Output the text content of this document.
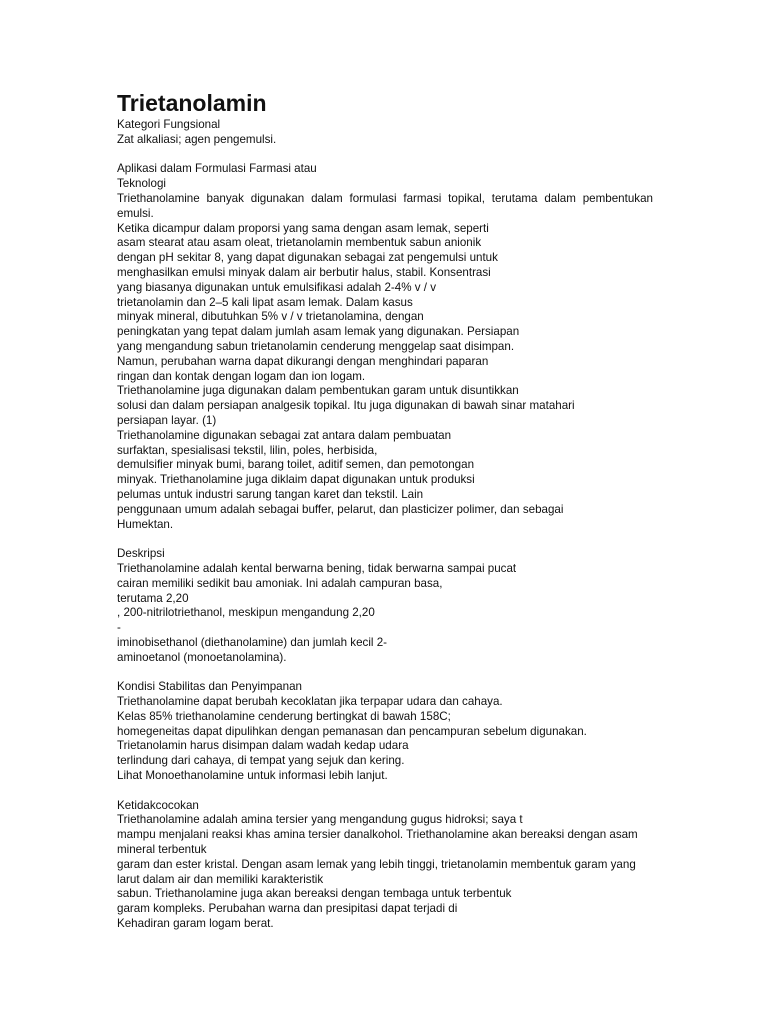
Trietanolamin
Kategori Fungsional
Zat alkaliasi; agen pengemulsi.
Aplikasi dalam Formulasi Farmasi atau
Teknologi
Triethanolamine banyak digunakan dalam formulasi farmasi topikal, terutama dalam pembentukan
emulsi.
Ketika dicampur dalam proporsi yang sama dengan asam lemak, seperti
asam stearat atau asam oleat, trietanolamin membentuk sabun anionik
dengan pH sekitar 8, yang dapat digunakan sebagai zat pengemulsi untuk
menghasilkan emulsi minyak dalam air berbutir halus, stabil. Konsentrasi
yang biasanya digunakan untuk emulsifikasi adalah 2-4% v / v
trietanolamin dan 2–5 kali lipat asam lemak. Dalam kasus
minyak mineral, dibutuhkan 5% v / v trietanolamina, dengan
peningkatan yang tepat dalam jumlah asam lemak yang digunakan. Persiapan
yang mengandung sabun trietanolamin cenderung menggelap saat disimpan.
Namun, perubahan warna dapat dikurangi dengan menghindari paparan
ringan dan kontak dengan logam dan ion logam.
Triethanolamine juga digunakan dalam pembentukan garam untuk disuntikkan
solusi dan dalam persiapan analgesik topikal. Itu juga digunakan di bawah sinar matahari
persiapan layar. (1)
Triethanolamine digunakan sebagai zat antara dalam pembuatan
surfaktan, spesialisasi tekstil, lilin, poles, herbisida,
demulsifier minyak bumi, barang toilet, aditif semen, dan pemotongan
minyak. Triethanolamine juga diklaim dapat digunakan untuk produksi
pelumas untuk industri sarung tangan karet dan tekstil. Lain
penggunaan umum adalah sebagai buffer, pelarut, dan plasticizer polimer, dan sebagai
Humektan.
Deskripsi
Triethanolamine adalah kental berwarna bening, tidak berwarna sampai pucat
cairan memiliki sedikit bau amoniak. Ini adalah campuran basa,
terutama 2,20
, 200-nitrilotriethanol, meskipun mengandung 2,20
-
iminobisethanol (diethanolamine) dan jumlah kecil 2-
aminoetanol (monoetanolamina).
Kondisi Stabilitas dan Penyimpanan
Triethanolamine dapat berubah kecoklatan jika terpapar udara dan cahaya.
Kelas 85% triethanolamine cenderung bertingkat di bawah 158C;
homegeneitas dapat dipulihkan dengan pemanasan dan pencampuran sebelum digunakan.
Trietanolamin harus disimpan dalam wadah kedap udara
terlindung dari cahaya, di tempat yang sejuk dan kering.
Lihat Monoethanolamine untuk informasi lebih lanjut.
Ketidakcocokan
Triethanolamine adalah amina tersier yang mengandung gugus hidroksi; saya t
mampu menjalani reaksi khas amina tersier danalkohol. Triethanolamine akan bereaksi dengan asam
mineral terbentuk
garam dan ester kristal. Dengan asam lemak yang lebih tinggi, trietanolamin membentuk garam yang
larut dalam air dan memiliki karakteristik
sabun. Triethanolamine juga akan bereaksi dengan tembaga untuk terbentuk
garam kompleks. Perubahan warna dan presipitasi dapat terjadi di
Kehadiran garam logam berat.
